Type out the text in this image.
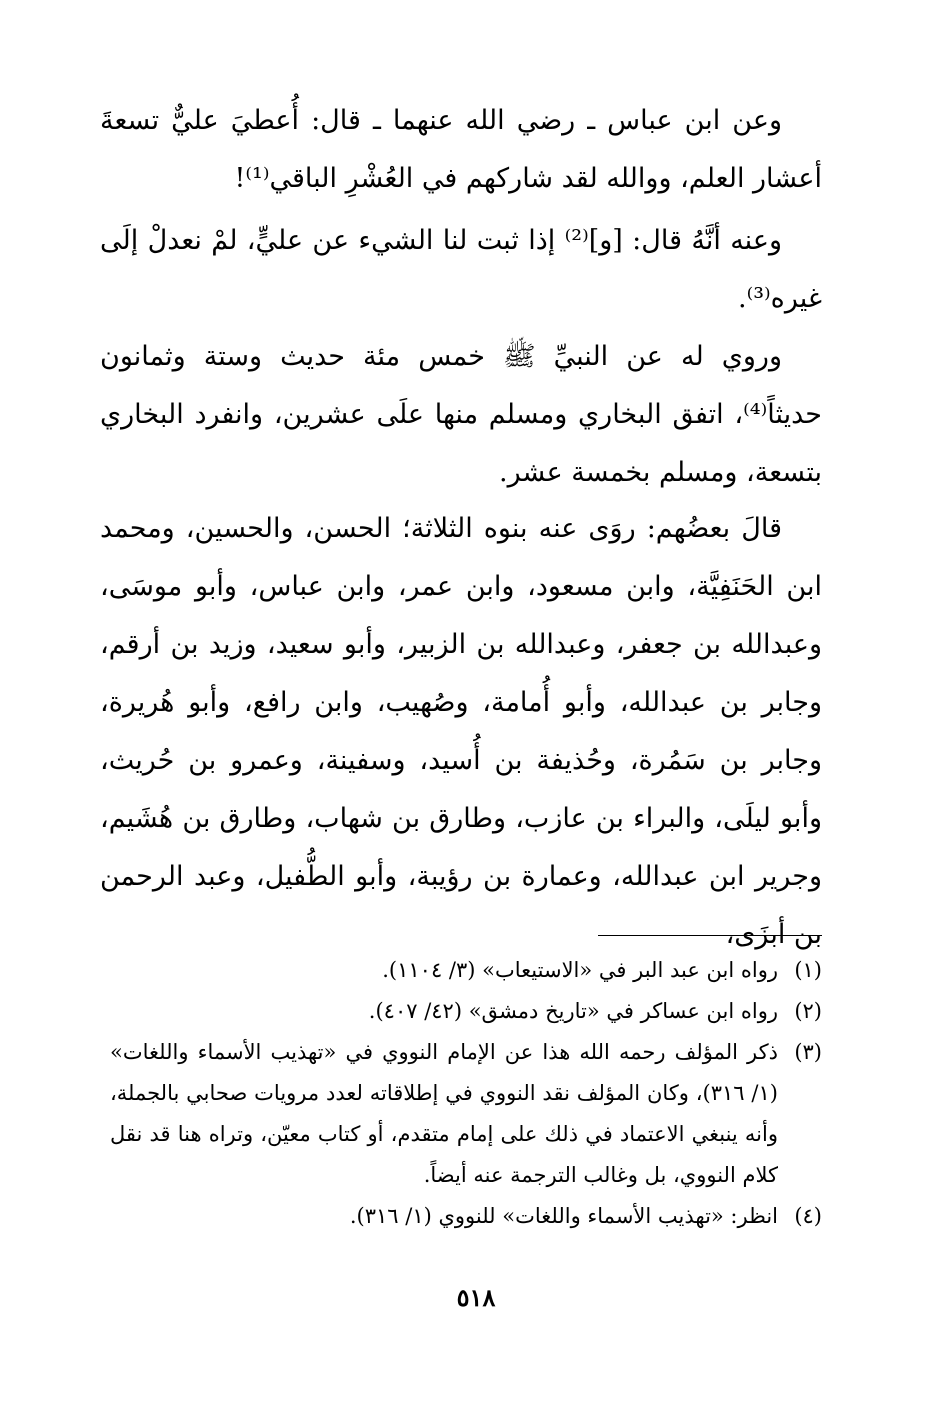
وعن ابن عباس ـ رضي الله عنهما ـ قال: أُعطيَ عليٌّ تسعةَ أعشار العلم، ووالله لقد شاركهم في العُشْرِ الباقي⁽¹⁾!

وعنه أنَّهُ قال: [و]⁽²⁾ إذا ثبت لنا الشيء عن عليٍّ، لمْ نعدلْ إلَى غيره⁽³⁾.

وروي له عن النبيِّ ﷺ خمس مئة حديث وستة وثمانون حديثاً⁽⁴⁾، اتفق البخاري ومسلم منها علَى عشرين، وانفرد البخاري بتسعة، ومسلم بخمسة عشر.

قالَ بعضُهم: روَى عنه بنوه الثلاثة؛ الحسن، والحسين، ومحمد ابن الحَنَفِيَّة، وابن مسعود، وابن عمر، وابن عباس، وأبو موسَى، وعبدالله بن جعفر، وعبدالله بن الزبير، وأبو سعيد، وزيد بن أرقم، وجابر بن عبدالله، وأبو أُمامة، وصُهيب، وابن رافع، وأبو هُريرة، وجابر بن سَمُرة، وحُذيفة بن أُسيد، وسفينة، وعمرو بن حُريث، وأبو ليلَى، والبراء بن عازب، وطارق بن شهاب، وطارق بن هُشَيم، وجرير ابن عبدالله، وعمارة بن رؤيبة، وأبو الطُّفيل، وعبد الرحمن بن أبزَى،

(١)
رواه ابن عبد البر في «الاستيعاب» (٣/ ١١٠٤).
(٢)
رواه ابن عساكر في «تاريخ دمشق» (٤٢/ ٤٠٧).
(٣)
ذكر المؤلف رحمه الله هذا عن الإمام النووي في «تهذيب الأسماء واللغات» (١/ ٣١٦)، وكان المؤلف نقد النووي في إطلاقاته لعدد مرويات صحابي بالجملة، وأنه ينبغي الاعتماد في ذلك على إمام متقدم، أو كتاب معيّن، وتراه هنا قد نقل كلام النووي، بل وغالب الترجمة عنه أيضاً.
(٤)
انظر: «تهذيب الأسماء واللغات» للنووي (١/ ٣١٦).
٥١٨
